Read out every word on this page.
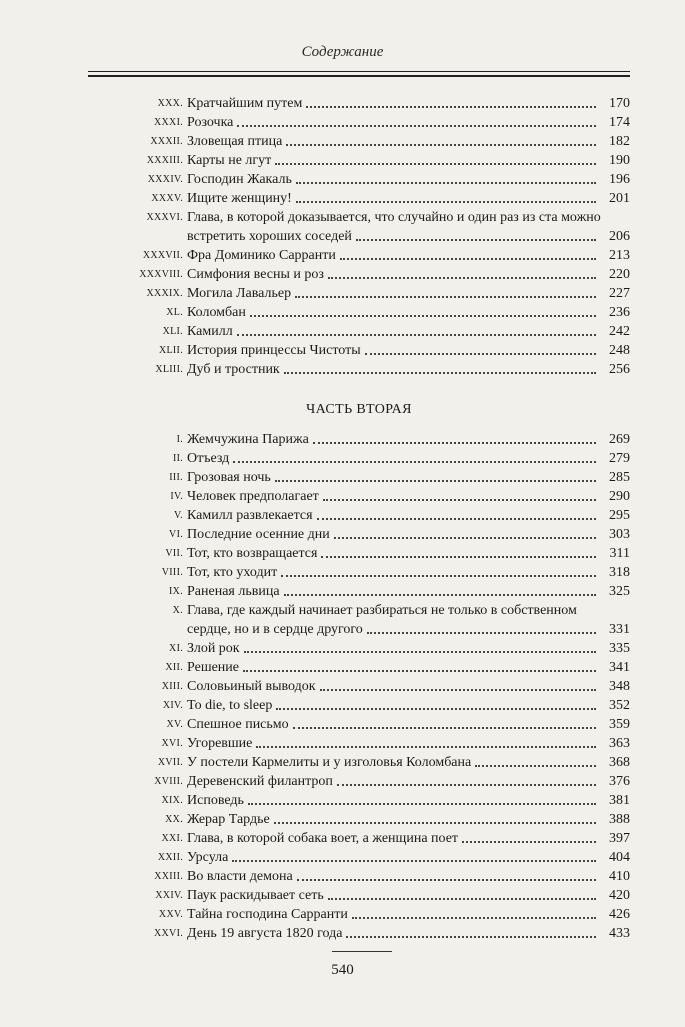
Содержание
XXX. Кратчайшим путем	170
XXXI. Розочка	174
XXXII. Зловещая птица	182
XXXIII. Карты не лгут	190
XXXIV. Господин Жакаль	196
XXXV. Ищите женщину!	201
XXXVI. Глава, в которой доказывается, что случайно и один раз из ста можно
встретить хороших соседей	206
XXXVII. Фра Доминико Сарранти	213
XXXVIII. Симфония весны и роз	220
XXXIX. Могила Лавальер	227
XL. Коломбан	236
XLI. Камилл	242
XLII. История принцессы Чистоты	248
XLIII. Дуб и тростник	256
ЧАСТЬ ВТОРАЯ
I. Жемчужина Парижа	269
II. Отъезд	279
III. Грозовая ночь	285
IV. Человек предполагает	290
V. Камилл развлекается	295
VI. Последние осенние дни	303
VII. Тот, кто возвращается	311
VIII. Тот, кто уходит	318
IX. Раненая львица	325
X. Глава, где каждый начинает разбираться не только в собственном
сердце, но и в сердце другого	331
XI. Злой рок	335
XII. Решение	341
XIII. Соловьиный выводок	348
XIV. To die, to sleep	352
XV. Спешное письмо	359
XVI. Угоревшие	363
XVII. У постели Кармелиты и у изголовья Коломбана	368
XVIII. Деревенский филантроп	376
XIX. Исповедь	381
XX. Жерар Тардье	388
XXI. Глава, в которой собака воет, а женщина поет	397
XXII. Урсула	404
XXIII. Во власти демона	410
XXIV. Паук раскидывает сеть	420
XXV. Тайна господина Сарранти	426
XXVI. День 19 августа 1820 года	433
540
